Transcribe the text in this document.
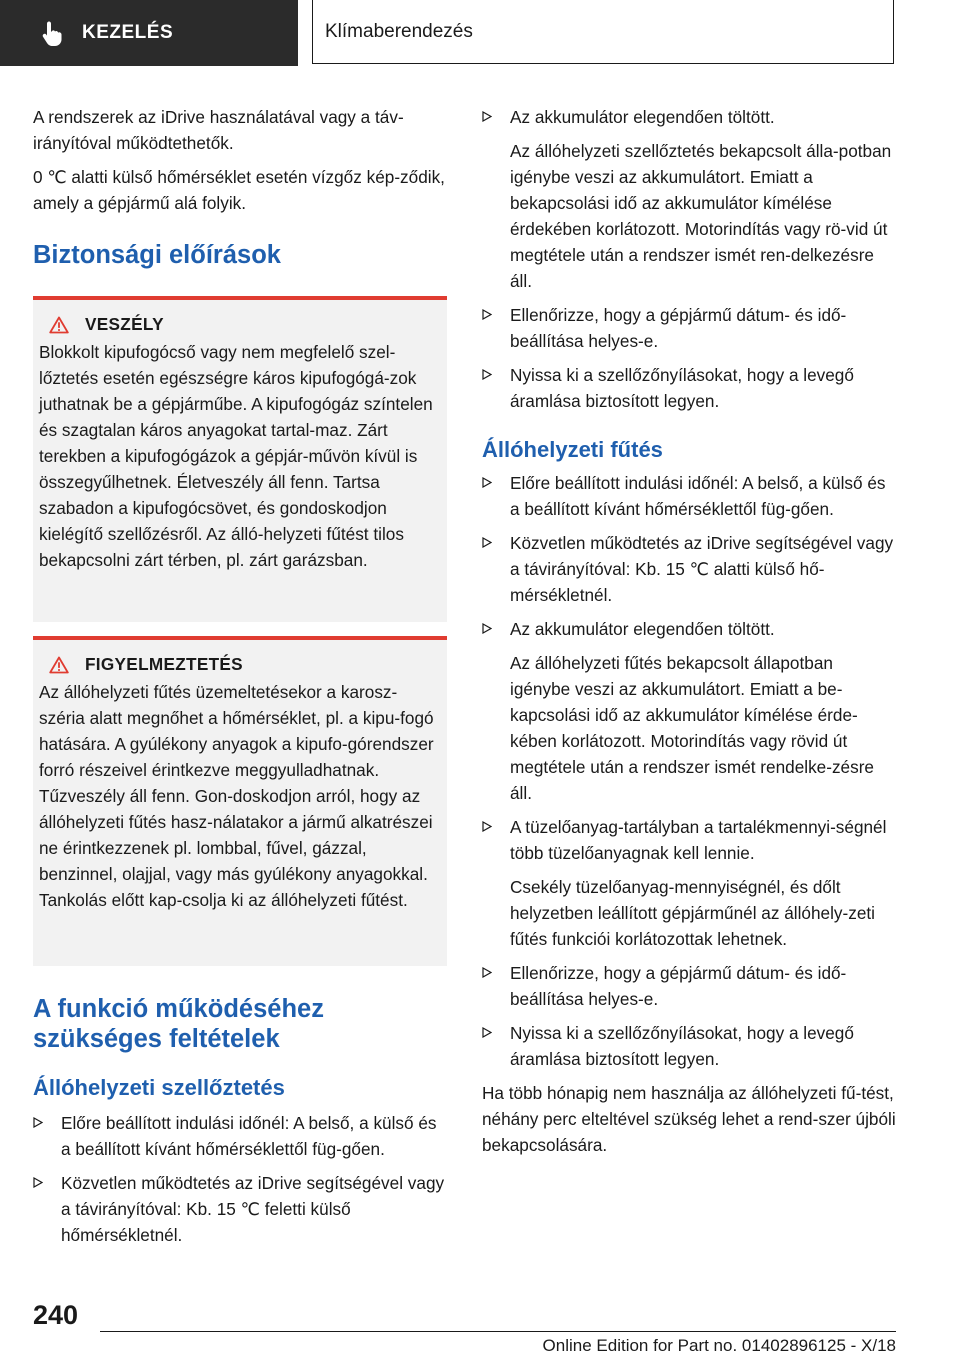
KEZELÉS	Klímaberendezés

A rendszerek az iDrive használatával vagy a táv-irányítóval működtethetők.

0 ℃ alatti külső hőmérséklet esetén vízgőz kép-ződik, amely a gépjármű alá folyik.

Biztonsági előírások
VESZÉLY

Blokkolt kipufogócső vagy nem megfelelő szel-lőztetés esetén egészségre káros kipufogógá-zok juthatnak be a gépjárműbe. A kipufogógáz színtelen és szagtalan káros anyagokat tartal-maz. Zárt terekben a kipufogógázok a gépjár-művön kívül is összegyűlhetnek. Életveszély áll fenn. Tartsa szabadon a kipufogócsövet, és gondoskodjon kielégítő szellőzésről. Az álló-helyzeti fűtést tilos bekapcsolni zárt térben, pl. zárt garázsban.

FIGYELMEZTETÉS

Az állóhelyzeti fűtés üzemeltetésekor a karosz-széria alatt megnőhet a hőmérséklet, pl. a kipu-fogó hatására. A gyúlékony anyagok a kipufo-górendszer forró részeivel érintkezve meggyulladhatnak. Tűzveszély áll fenn. Gon-doskodjon arról, hogy az állóhelyzeti fűtés hasz-nálatakor a jármű alkatrészei ne érintkezzenek pl. lombbal, fűvel, gázzal, benzinnel, olajjal, vagy más gyúlékony anyagokkal. Tankolás előtt kap-csolja ki az állóhelyzeti fűtést.

A funkció működéséhez szükséges feltételek
Állóhelyzeti szellőztetés
Előre beállított indulási időnél: A belső, a külső és a beállított kívánt hőmérséklettől füg-gően.
Közvetlen működtetés az iDrive segítségével vagy a távirányítóval: Kb. 15 ℃ feletti külső hőmérsékletnél.
Az akkumulátor elegendően töltött.

Az állóhelyzeti szellőztetés bekapcsolt álla-potban igénybe veszi az akkumulátort. Emiatt a bekapcsolási idő az akkumulátor kímélése érdekében korlátozott. Motorindítás vagy rö-vid út megtétele után a rendszer ismét ren-delkezésre áll.

Ellenőrizze, hogy a gépjármű dátum- és idő-beállítása helyes-e.
Nyissa ki a szellőzőnyílásokat, hogy a levegő áramlása biztosított legyen.
Állóhelyzeti fűtés
Előre beállított indulási időnél: A belső, a külső és a beállított kívánt hőmérséklettől füg-gően.
Közvetlen működtetés az iDrive segítségével vagy a távirányítóval: Kb. 15 ℃ alatti külső hő-mérsékletnél.
Az akkumulátor elegendően töltött.

Az állóhelyzeti fűtés bekapcsolt állapotban igénybe veszi az akkumulátort. Emiatt a be-kapcsolási idő az akkumulátor kímélése érde-kében korlátozott. Motorindítás vagy rövid út megtétele után a rendszer ismét rendelke-zésre áll.

A tüzelőanyag-tartályban a tartalékmennyi-ségnél több tüzelőanyagnak kell lennie.

Csekély tüzelőanyag-mennyiségnél, és dőlt helyzetben leállított gépjárműnél az állóhely-zeti fűtés funkciói korlátozottak lehetnek.

Ellenőrizze, hogy a gépjármű dátum- és idő-beállítása helyes-e.
Nyissa ki a szellőzőnyílásokat, hogy a levegő áramlása biztosított legyen.

Ha több hónapig nem használja az állóhelyzeti fű-tést, néhány perc elteltével szükség lehet a rend-szer újbóli bekapcsolására.

240
Online Edition for Part no. 01402896125 - X/18
